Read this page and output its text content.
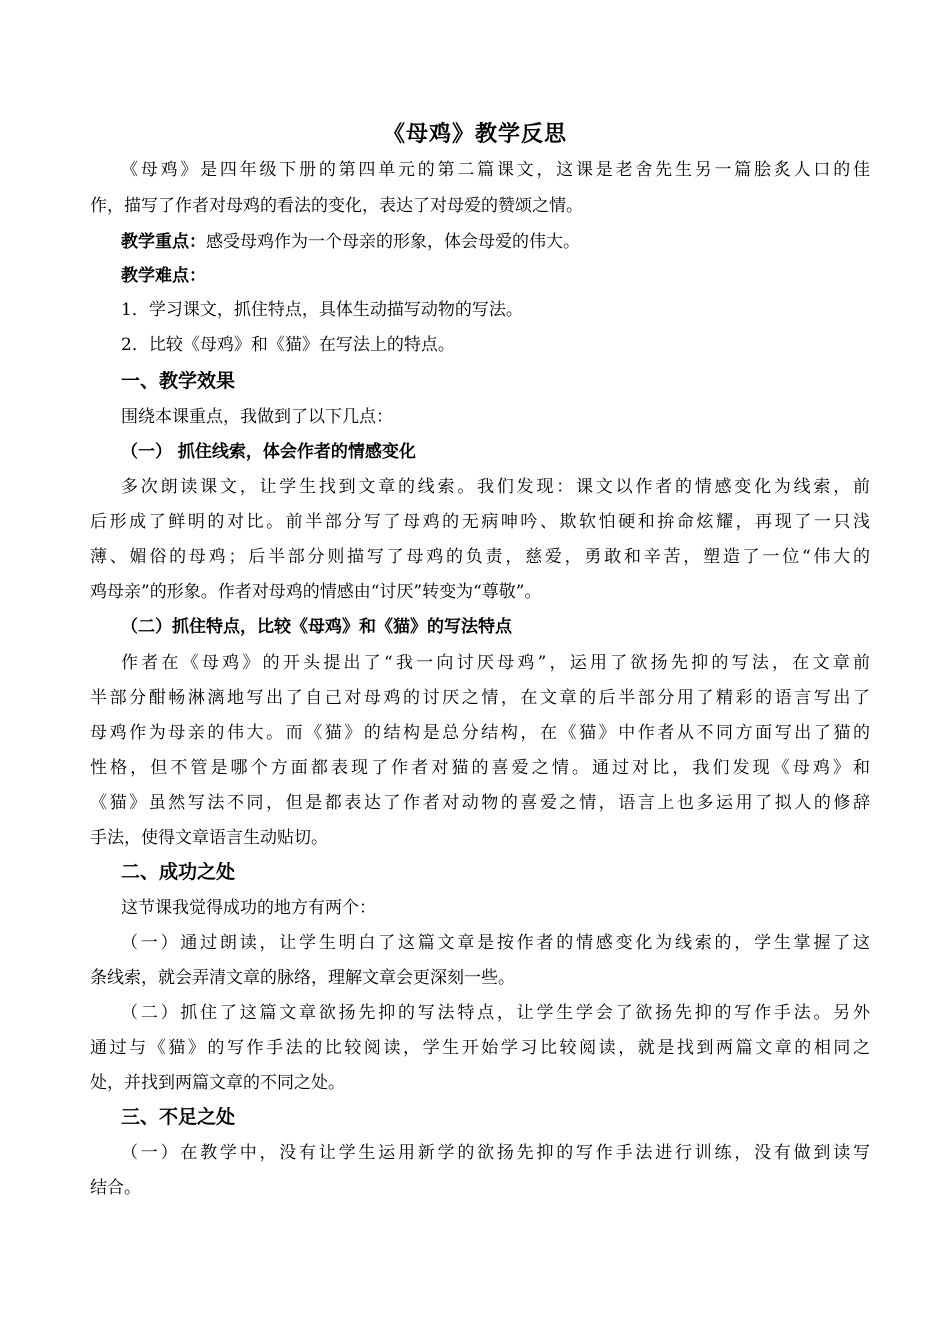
《母鸡》教学反思
《母鸡》是四年级下册的第四单元的第二篇课文，这课是老舍先生另一篇脍炙人口的佳
作，描写了作者对母鸡的看法的变化，表达了对母爱的赞颂之情。
教学重点：感受母鸡作为一个母亲的形象，体会母爱的伟大。
教学难点：
1．学习课文，抓住特点，具体生动描写动物的写法。
2．比较《母鸡》和《猫》在写法上的特点。
一、教学效果
围绕本课重点，我做到了以下几点：
（一） 抓住线索，体会作者的情感变化
多次朗读课文，让学生找到文章的线索。我们发现：课文以作者的情感变化为线索，前
后形成了鲜明的对比。前半部分写了母鸡的无病呻吟、欺软怕硬和拚命炫耀，再现了一只浅
薄、媚俗的母鸡；后半部分则描写了母鸡的负责，慈爱，勇敢和辛苦，塑造了一位“伟大的
鸡母亲”的形象。作者对母鸡的情感由“讨厌”转变为“尊敬”。
（二）抓住特点，比较《母鸡》和《猫》的写法特点
作者在《母鸡》的开头提出了“我一向讨厌母鸡”，运用了欲扬先抑的写法，在文章前
半部分酣畅淋漓地写出了自己对母鸡的讨厌之情，在文章的后半部分用了精彩的语言写出了
母鸡作为母亲的伟大。而《猫》的结构是总分结构，在《猫》中作者从不同方面写出了猫的
性格，但不管是哪个方面都表现了作者对猫的喜爱之情。通过对比，我们发现《母鸡》和
《猫》虽然写法不同，但是都表达了作者对动物的喜爱之情，语言上也多运用了拟人的修辞
手法，使得文章语言生动贴切。
二、成功之处
这节课我觉得成功的地方有两个：
（一）通过朗读，让学生明白了这篇文章是按作者的情感变化为线索的，学生掌握了这
条线索，就会弄清文章的脉络，理解文章会更深刻一些。
（二）抓住了这篇文章欲扬先抑的写法特点，让学生学会了欲扬先抑的写作手法。另外
通过与《猫》的写作手法的比较阅读，学生开始学习比较阅读，就是找到两篇文章的相同之
处，并找到两篇文章的不同之处。
三、不足之处
（一）在教学中，没有让学生运用新学的欲扬先抑的写作手法进行训练，没有做到读写
结合。
